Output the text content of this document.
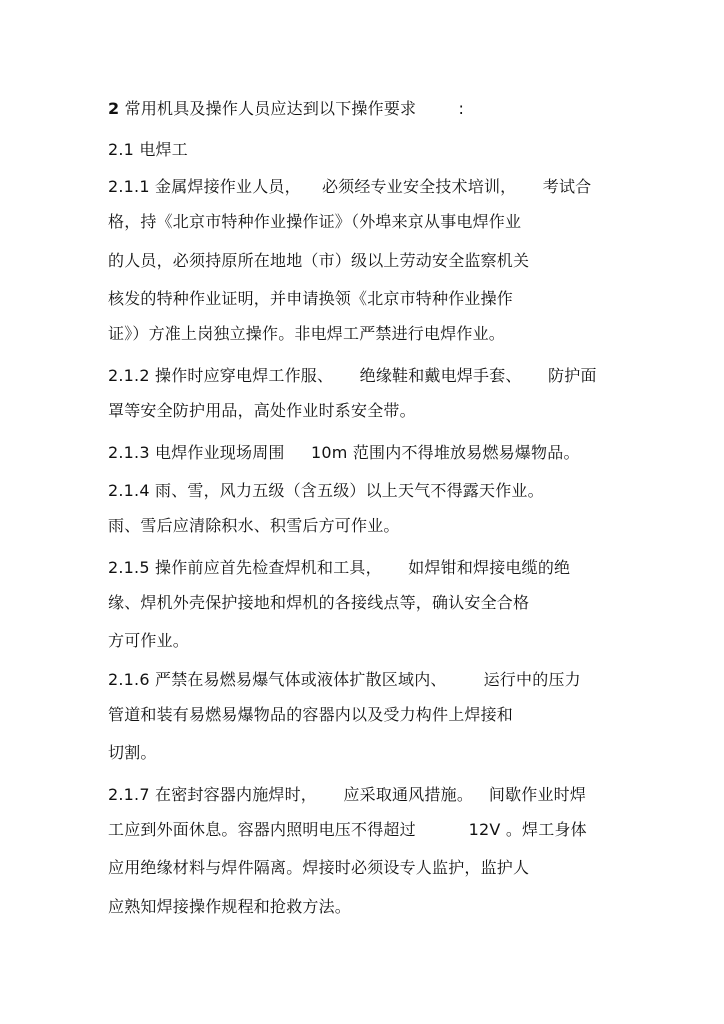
2 常用机具及操作人员应达到以下操作要求        :
2.1 电焊工
2.1.1 金属焊接作业人员，    必须经专业安全技术培训，     考试合
格，持《北京市特种作业操作证》（外埠来京从事电焊作业
的人员，必须持原所在地地（市）级以上劳动安全监察机关
核发的特种作业证明，并申请换领《北京市特种作业操作
证》）方准上岗独立操作。非电焊工严禁进行电焊作业。
2.1.2 操作时应穿电焊工作服、     绝缘鞋和戴电焊手套、     防护面
罩等安全防护用品，高处作业时系安全带。
2.1.3 电焊作业现场周围     10m 范围内不得堆放易燃易爆物品。
2.1.4 雨、雪，风力五级（含五级）以上天气不得露天作业。
雨、雪后应清除积水、积雪后方可作业。
2.1.5 操作前应首先检查焊机和工具，     如焊钳和焊接电缆的绝
缘、焊机外壳保护接地和焊机的各接线点等，确认安全合格
方可作业。
2.1.6 严禁在易燃易爆气体或液体扩散区域内、       运行中的压力
管道和装有易燃易爆物品的容器内以及受力构件上焊接和
切割。
2.1.7 在密封容器内施焊时，     应采取通风措施。   间歇作业时焊
工应到外面休息。容器内照明电压不得超过          12V 。焊工身体
应用绝缘材料与焊件隔离。焊接时必须设专人监护，监护人
应熟知焊接操作规程和抢救方法。
